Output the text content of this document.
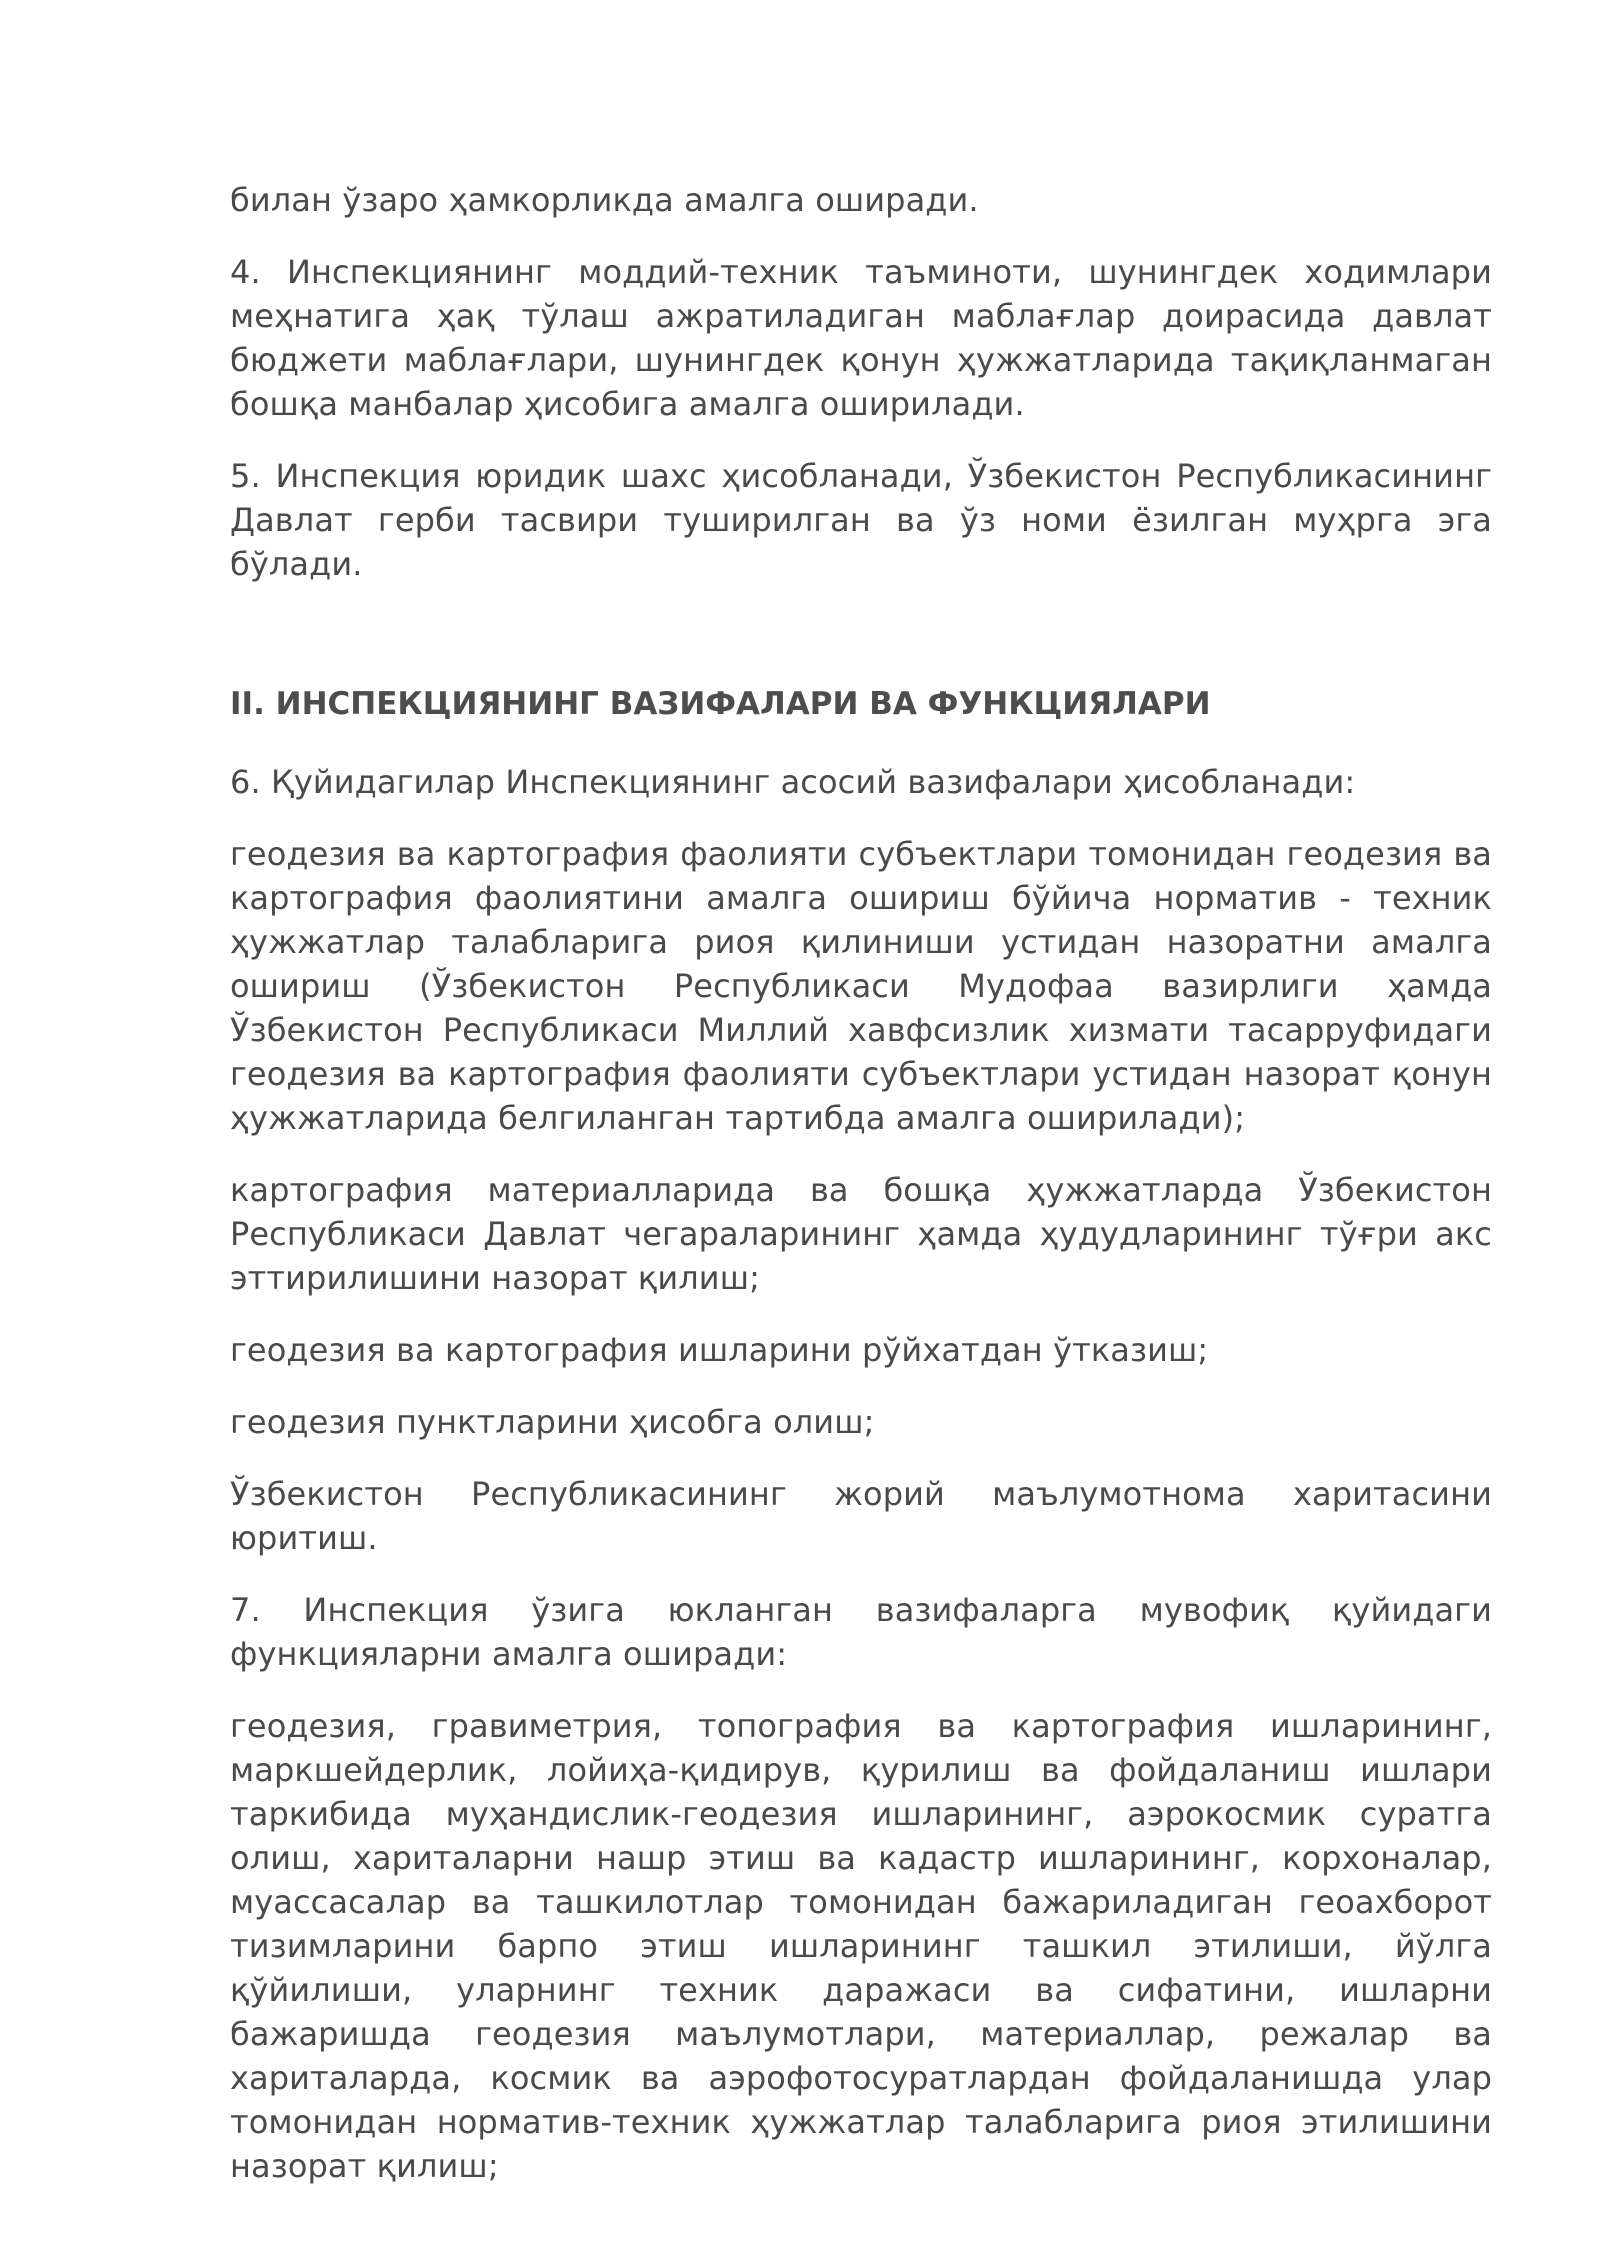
билан ўзаро ҳамкорликда амалга оширади.

4. Инспекциянинг моддий-техник таъминоти, шунингдек ходимлари меҳнатига ҳақ тўлаш ажратиладиган маблағлар доирасида давлат бюджети маблағлари, шунингдек қонун ҳужжатларида тақиқланмаган бошқа манбалар ҳисобига амалга оширилади.

5. Инспекция юридик шахс ҳисобланади, Ўзбекистон Республикасининг Давлат герби тасвири туширилган ва ўз номи ёзилган муҳрга эга бўлади.

II. ИНСПЕКЦИЯНИНГ ВАЗИФАЛАРИ ВА ФУНКЦИЯЛАРИ

6. Қуйидагилар Инспекциянинг асосий вазифалари ҳисобланади:

геодезия ва картография фаолияти субъектлари томонидан геодезия ва картография фаолиятини амалга ошириш бўйича норматив - техник ҳужжатлар талабларига риоя қилиниши устидан назоратни амалга ошириш (Ўзбекистон Республикаси Мудофаа вазирлиги ҳамда Ўзбекистон Республикаси Миллий хавфсизлик хизмати тасарруфидаги геодезия ва картография фаолияти субъектлари устидан назорат қонун ҳужжатларида белгиланган тартибда амалга оширилади);

картография материалларида ва бошқа ҳужжатларда Ўзбекистон Республикаси Давлат чегараларининг ҳамда ҳудудларининг тўғри акс эттирилишини назорат қилиш;

геодезия ва картография ишларини рўйхатдан ўтказиш;

геодезия пунктларини ҳисобга олиш;

Ўзбекистон Республикасининг жорий маълумотнома харитасини юритиш.

7. Инспекция ўзига юкланган вазифаларга мувофиқ қуйидаги функцияларни амалга оширади:

геодезия, гравиметрия, топография ва картография ишларининг, маркшейдерлик, лойиҳа-қидирув, қурилиш ва фойдаланиш ишлари таркибида муҳандислик-геодезия ишларининг, аэрокосмик суратга олиш, хариталарни нашр этиш ва кадастр ишларининг, корхоналар, муассасалар ва ташкилотлар томонидан бажариладиган геоахборот тизимларини барпо этиш ишларининг ташкил этилиши, йўлга қўйилиши, уларнинг техник даражаси ва сифатини, ишларни бажаришда геодезия маълумотлари, материаллар, режалар ва хариталарда, космик ва аэрофотосуратлардан фойдаланишда улар томонидан норматив-техник ҳужжатлар талабларига риоя этилишини назорат қилиш;
